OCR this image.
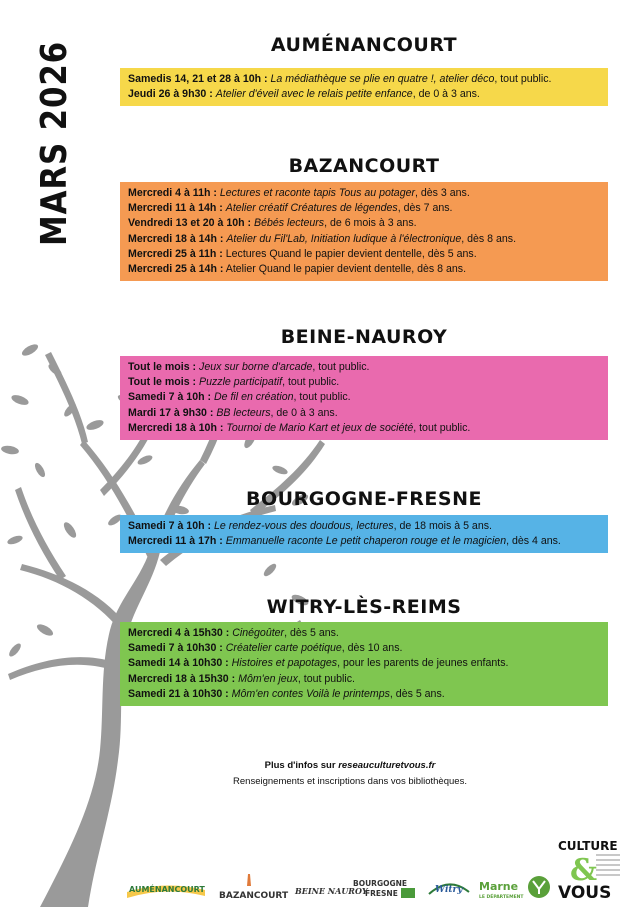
MARS 2026	AUMÉNANCOURT
Samedis 14, 21 et 28 à 10h : La médiathèque se plie en quatre !, atelier déco, tout public.
Jeudi 26 à 9h30 : Atelier d'éveil avec le relais petite enfance, de 0 à 3 ans.
BAZANCOURT
Mercredi 4 à 11h : Lectures et raconte tapis Tous au potager, dès 3 ans.
Mercredi 11 à 14h : Atelier créatif Créatures de légendes, dès 7 ans.
Vendredi 13 et 20 à 10h : Bébés lecteurs, de 6 mois à 3 ans.
Mercredi 18 à 14h : Atelier du Fil'Lab, Initiation ludique à l'électronique, dès 8 ans.
Mercredi 25 à 11h : Lectures Quand le papier devient dentelle, dès 5 ans.
Mercredi 25 à 14h : Atelier Quand le papier devient dentelle, dès 8 ans.
BEINE-NAUROY
Tout le mois : Jeux sur borne d'arcade, tout public.
Tout le mois : Puzzle participatif, tout public.
Samedi 7 à 10h : De fil en création, tout public.
Mardi 17 à 9h30 : BB lecteurs, de 0 à 3 ans.
Mercredi 18 à 10h : Tournoi de Mario Kart et jeux de société, tout public.
BOURGOGNE-FRESNE
Samedi 7 à 10h : Le rendez-vous des doudous, lectures, de 18 mois à 5 ans.
Mercredi 11 à 17h : Emmanuelle raconte Le petit chaperon rouge et le magicien, dès 4 ans.
WITRY-LÈS-REIMS
Mercredi 4 à 15h30 : Cinégoûter, dès 5 ans.
Samedi 7 à 10h30 : Créatelier carte poétique, dès 10 ans.
Samedi 14 à 10h30 : Histoires et papotages, pour les parents de jeunes enfants.
Mercredi 18 à 15h30 : Môm'en jeux, tout public.
Samedi 21 à 10h30 : Môm'en contes Voilà le printemps, dès 5 ans.
Plus d'infos sur reseauculturetvous.fr
Renseignements et inscriptions dans vos bibliothèques.
CULTURE
&
VOUS
AUMÉNANCOURT
BAZANCOURT BEINE NAUROY
BOURGOGNE
FRESNE	Witry Marne
LE DÉPARTEMENT
